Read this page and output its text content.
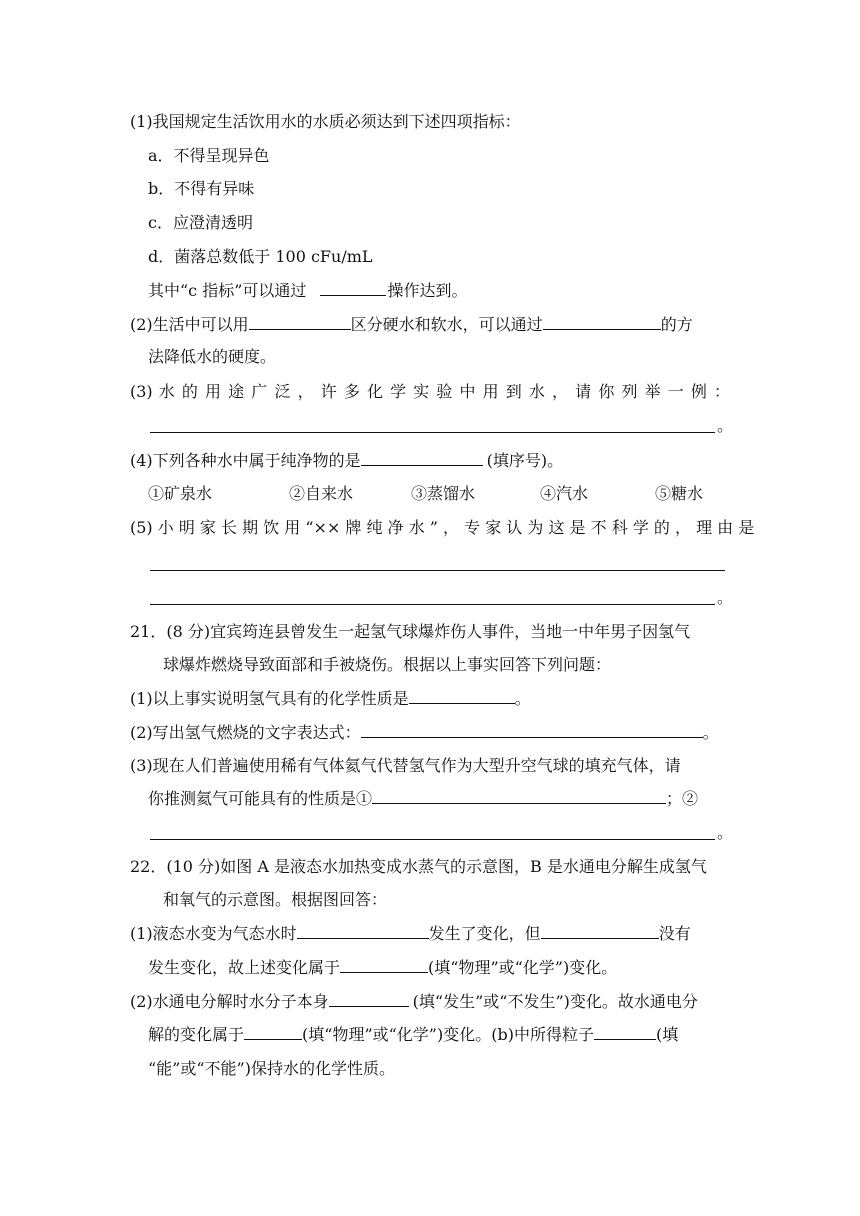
(1)我国规定生活饮用水的水质必须达到下述四项指标：
a．不得呈现异色
b．不得有异味
c．应澄清透明
d．菌落总数低于 100 cFu/mL
其中“c 指标”可以通过	操作达到。
(2)生活中可以用	区分硬水和软水，可以通过	的方
法降低水的硬度。
(3) 水 的 用 途 广 泛 ， 许 多 化 学 实 验 中 用 到 水 ， 请 你 列 举 一 例 ：
。
(4)下列各种水中属于纯净物的是	(填序号)。
①矿泉水	②自来水	③蒸馏水	④汽水	⑤糖水
(5) 小 明 家 长 期 饮 用 “×× 牌 纯 净 水 ” ， 专 家 认 为 这 是 不 科 学 的 ， 理 由 是
。
21．(8 分)宜宾筠连县曾发生一起氢气球爆炸伤人事件，当地一中年男子因氢气
球爆炸燃烧导致面部和手被烧伤。根据以上事实回答下列问题：
(1)以上事实说明氢气具有的化学性质是	。
(2)写出氢气燃烧的文字表达式：	。
(3)现在人们普遍使用稀有气体氦气代替氢气作为大型升空气球的填充气体，请
你推测氦气可能具有的性质是①	；②
。
22．(10 分)如图 A 是液态水加热变成水蒸气的示意图，B 是水通电分解生成氢气
和氧气的示意图。根据图回答：
(1)液态水变为气态水时	发生了变化，但	没有
发生变化，故上述变化属于	(填“物理”或“化学”)变化。
(2)水通电分解时水分子本身	(填“发生”或“不发生”)变化。故水通电分
解的变化属于	(填“物理”或“化学”)变化。(b)中所得粒子	(填
“能”或“不能”)保持水的化学性质。
